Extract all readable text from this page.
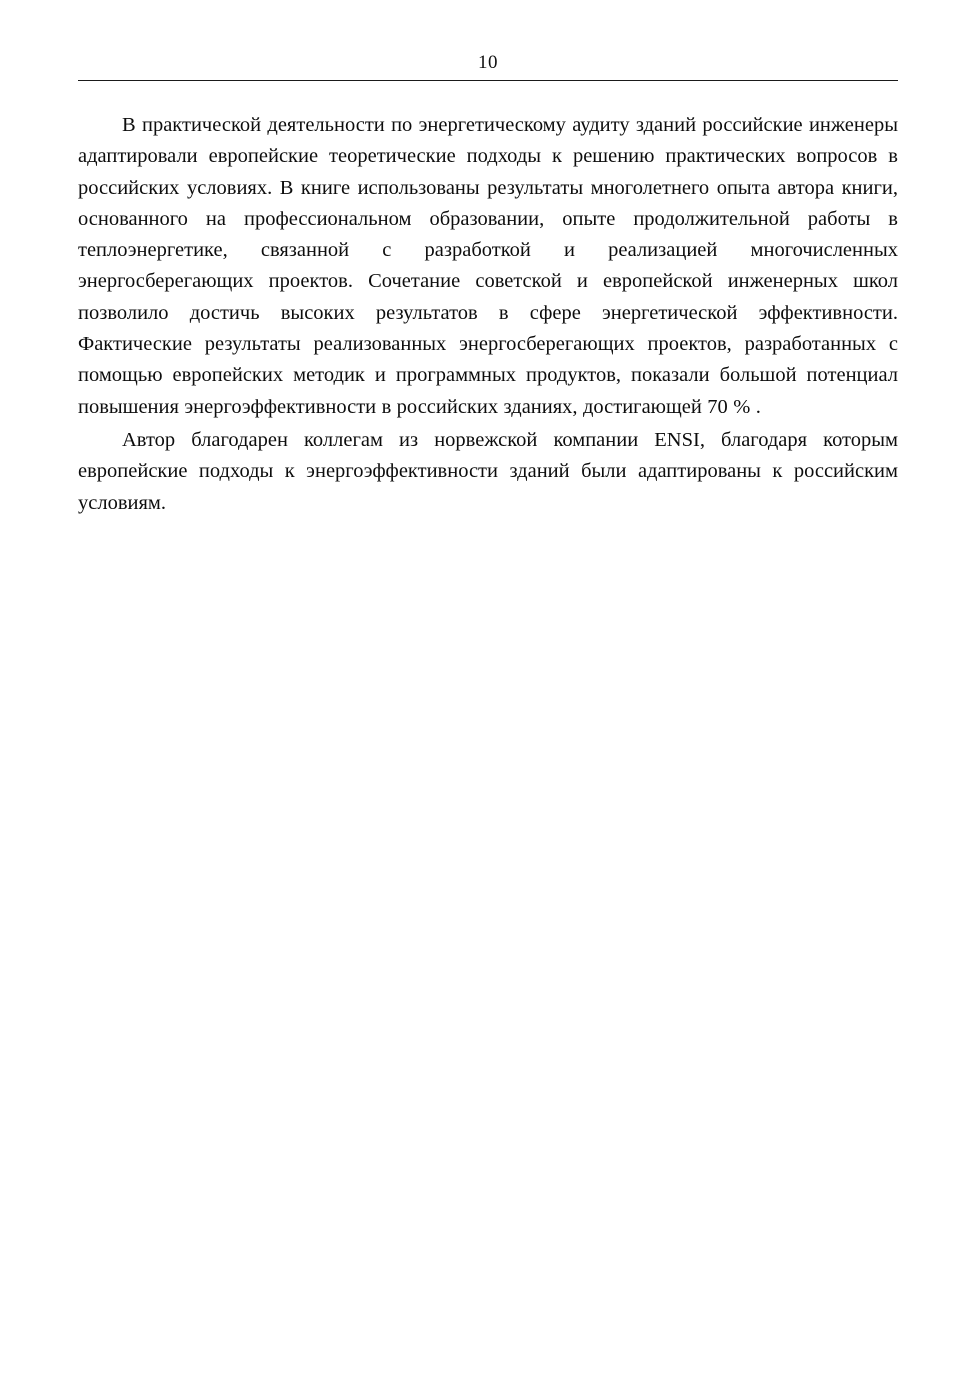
10

В практической деятельности по энергетическому аудиту зданий российские инженеры адаптировали европейские теоретические подходы к решению практических вопросов в российских условиях. В книге использованы результаты многолетнего опыта автора книги, основанного на профессиональном образовании, опыте продолжительной работы в теплоэнергетике, связанной с разработкой и реализацией многочисленных энергосберегающих проектов. Сочетание советской и европейской инженерных школ позволило достичь высоких результатов в сфере энергетической эффективности. Фактические результаты реализованных энергосберегающих проектов, разработанных с помощью европейских методик и программных продуктов, показали большой потенциал повышения энергоэффективности в российских зданиях, достигающей 70 % .

Автор благодарен коллегам из норвежской компании ENSI, благодаря которым европейские подходы к энергоэффективности зданий были адаптированы к российским условиям.
